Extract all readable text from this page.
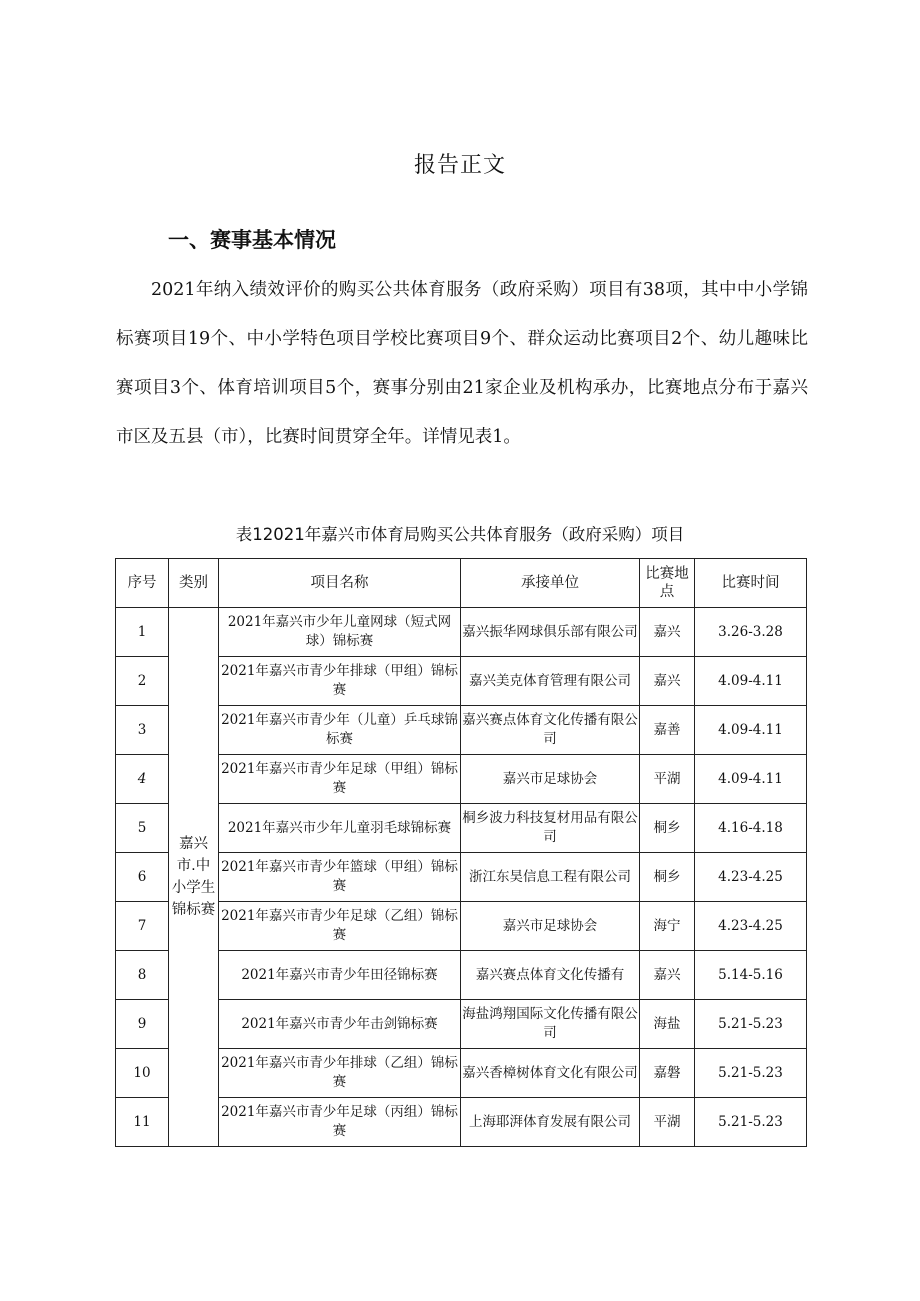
报告正文
一、赛事基本情况

2021年纳入绩效评价的购买公共体育服务（政府采购）项目有38项，其中中小学锦标赛项目19个、中小学特色项目学校比赛项目9个、群众运动比赛项目2个、幼儿趣味比赛项目3个、体育培训项目5个，赛事分别由21家企业及机构承办，比赛地点分布于嘉兴市区及五县（市），比赛时间贯穿全年。详情见表1。

表12021年嘉兴市体育局购买公共体育服务（政府采购）项目
序号	类别	项目名称	承接单位	比赛地点	比赛时间
1	嘉兴市.中小学生锦标赛	2021年嘉兴市少年儿童网球（短式网球）锦标赛	嘉兴振华网球俱乐部有限公司	嘉兴	3.26-3.28
2		2021年嘉兴市青少年排球（甲组）锦标赛	嘉兴美克体育管理有限公司	嘉兴	4.09-4.11
3		2021年嘉兴市青少年（儿童）乒乓球锦标赛	嘉兴赛点体育文化传播有限公司	嘉善	4.09-4.11
4		2021年嘉兴市青少年足球（甲组）锦标赛	嘉兴市足球协会	平湖	4.09-4.11
5		2021年嘉兴市少年儿童羽毛球锦标赛	桐乡波力科技复材用品有限公司	桐乡	4.16-4.18
6		2021年嘉兴市青少年篮球（甲组）锦标赛	浙江东昊信息工程有限公司	桐乡	4.23-4.25
7		2021年嘉兴市青少年足球（乙组）锦标赛	嘉兴市足球协会	海宁	4.23-4.25
8		2021年嘉兴市青少年田径锦标赛	嘉兴赛点体育文化传播有	嘉兴	5.14-5.16
9		2021年嘉兴市青少年击剑锦标赛	海盐鸿翔国际文化传播有限公司	海盐	5.21-5.23
10		2021年嘉兴市青少年排球（乙组）锦标赛	嘉兴香樟树体育文化有限公司	嘉磐	5.21-5.23
11		2021年嘉兴市青少年足球（丙组）锦标赛	上海耶湃体育发展有限公司	平湖	5.21-5.23
